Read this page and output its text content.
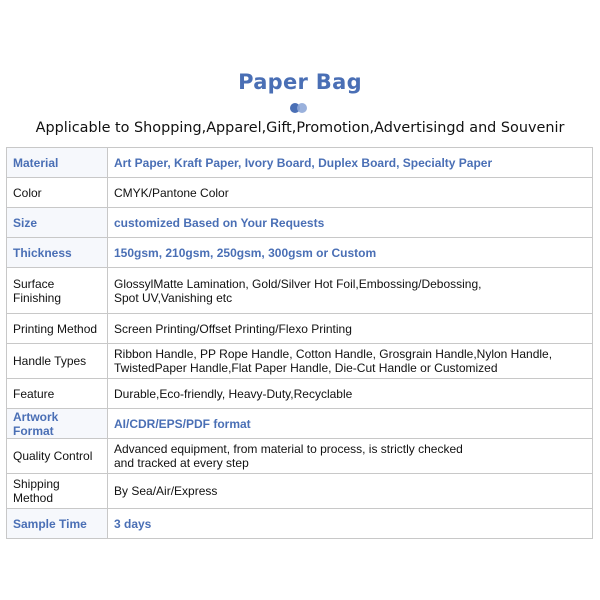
Paper Bag
Applicable to Shopping,Apparel,Gift,Promotion,Advertisingd and Souvenir
Material	Art Paper, Kraft Paper, Ivory Board, Duplex Board, Specialty Paper

Color	CMYK/Pantone Color

Size	customized Based on Your Requests

Thickness	150gsm, 210gsm, 250gsm, 300gsm or Custom

Surface Finishing	GlossylMatte Lamination, Gold/Silver Hot Foil,Embossing/Debossing,
Spot UV,Vanishing etc

Printing Method	Screen Printing/Offset Printing/Flexo Printing

Handle Types	Ribbon Handle, PP Rope Handle, Cotton Handle, Grosgrain Handle,Nylon Handle,
TwistedPaper Handle,Flat Paper Handle, Die-Cut Handle or Customized

Feature	Durable,Eco-friendly, Heavy-Duty,Recyclable

Artwork Format	AI/CDR/EPS/PDF format

Quality Control	Advanced equipment, from material to process, is strictly checked
and tracked at every step

Shipping Method	By Sea/Air/Express

Sample Time	3 days
